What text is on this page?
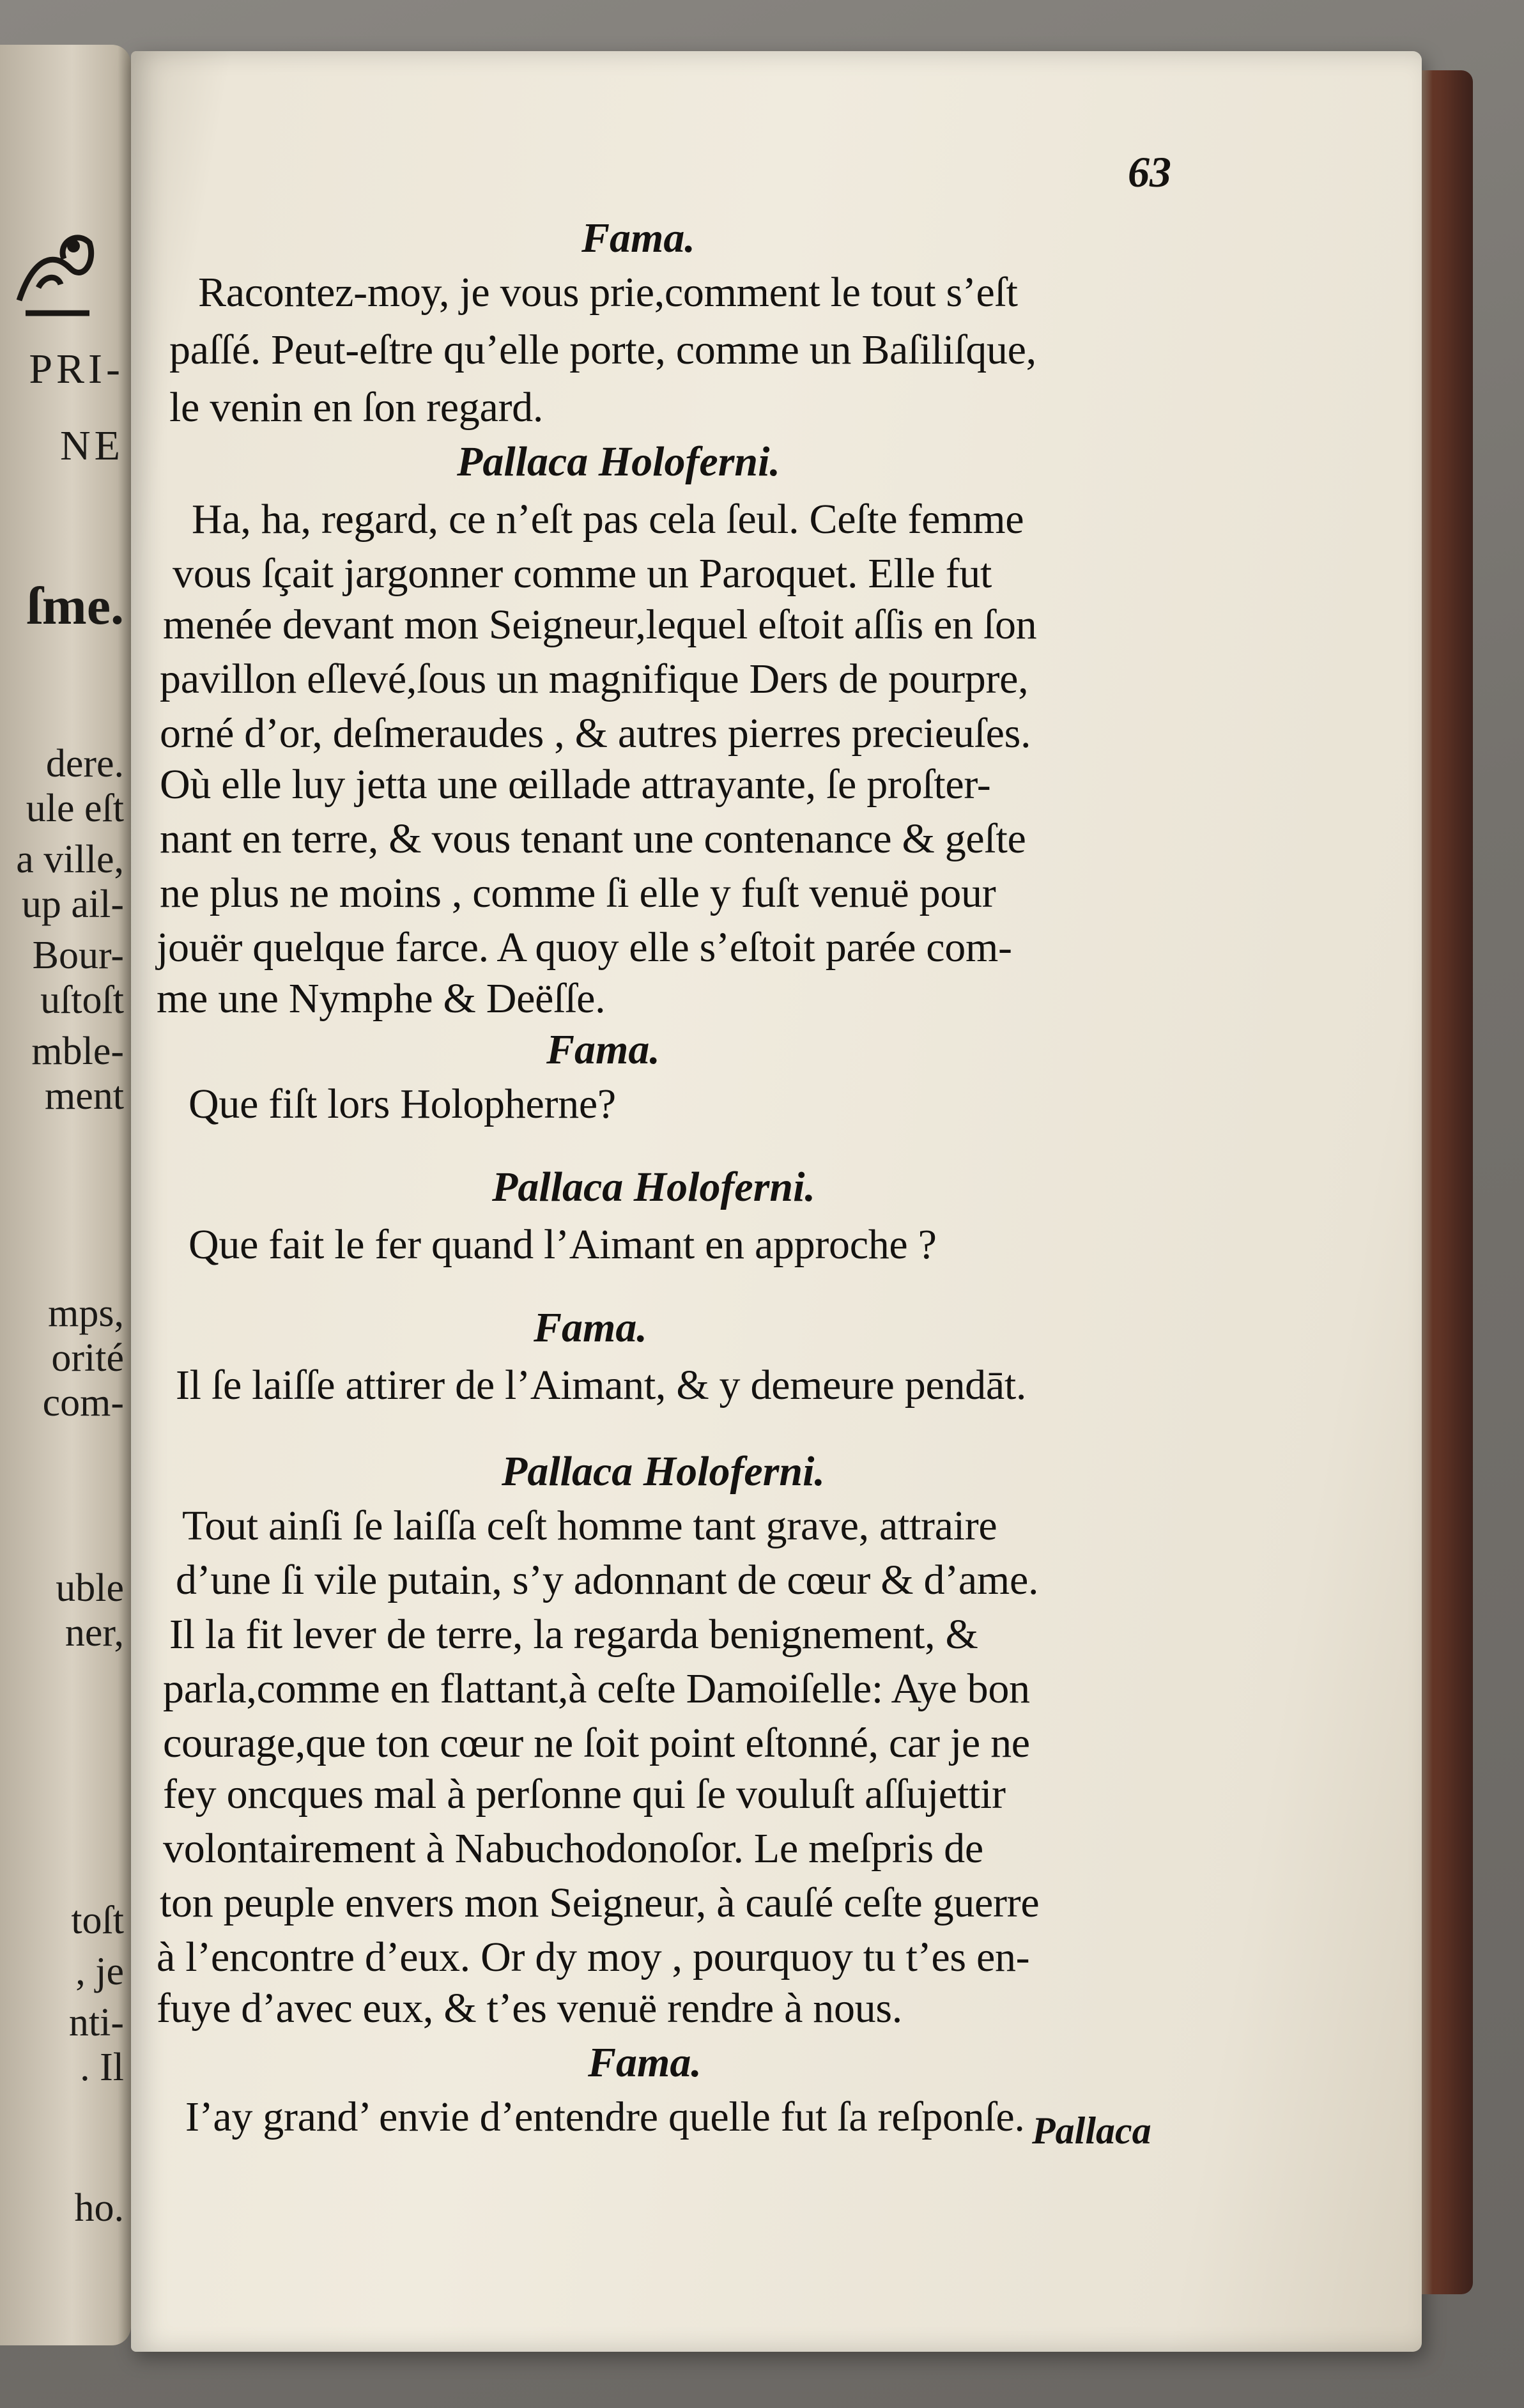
PRI-
NE
ſme.
dere.
ule eſt
a ville,
up ail-
Bour-
uſtoſt
mble-
ment
mps,
orité
com-
uble
ner,
toſt
, je
nti-
. Il
ho.
63
Fama.
Racontez-moy, je vous prie,comment le tout s’eſt
paſſé. Peut-eſtre qu’elle porte, comme un Baſiliſque,
le venin en ſon regard.
Pallaca Holoferni.
Ha, ha, regard, ce n’eſt pas cela ſeul. Ceſte femme
vous ſçait jargonner comme un Paroquet. Elle fut
menée devant mon Seigneur,lequel eſtoit aſſis en ſon
pavillon eſlevé,ſous un magnifique Ders de pourpre,
orné d’or, deſmeraudes , & autres pierres precieuſes.
Où elle luy jetta une œillade attrayante, ſe proſter-
nant en terre, & vous tenant une contenance & geſte
ne plus ne moins , comme ſi elle y fuſt venuë pour
jouër quelque farce. A quoy elle s’eſtoit parée com-
me une Nymphe & Deëſſe.
Fama.
Que fiſt lors Holopherne?
Pallaca Holoferni.
Que fait le fer quand l’Aimant en approche ?
Fama.
Il ſe laiſſe attirer de l’Aimant, & y demeure pendāt.
Pallaca Holoferni.
Tout ainſi ſe laiſſa ceſt homme tant grave, attraire
d’une ſi vile putain, s’y adonnant de cœur & d’ame.
Il la fit lever de terre, la regarda benignement, &
parla,comme en flattant,à ceſte Damoiſelle: Aye bon
courage,que ton cœur ne ſoit point eſtonné, car je ne
fey oncques mal à perſonne qui ſe vouluſt aſſujettir
volontairement à Nabuchodonoſor. Le meſpris de
ton peuple envers mon Seigneur, à cauſé ceſte guerre
à l’encontre d’eux. Or dy moy , pourquoy tu t’es en-
fuye d’avec eux, & t’es venuë rendre à nous.
Fama.
I’ay grand’ envie d’entendre quelle fut ſa reſponſe. Pallaca
